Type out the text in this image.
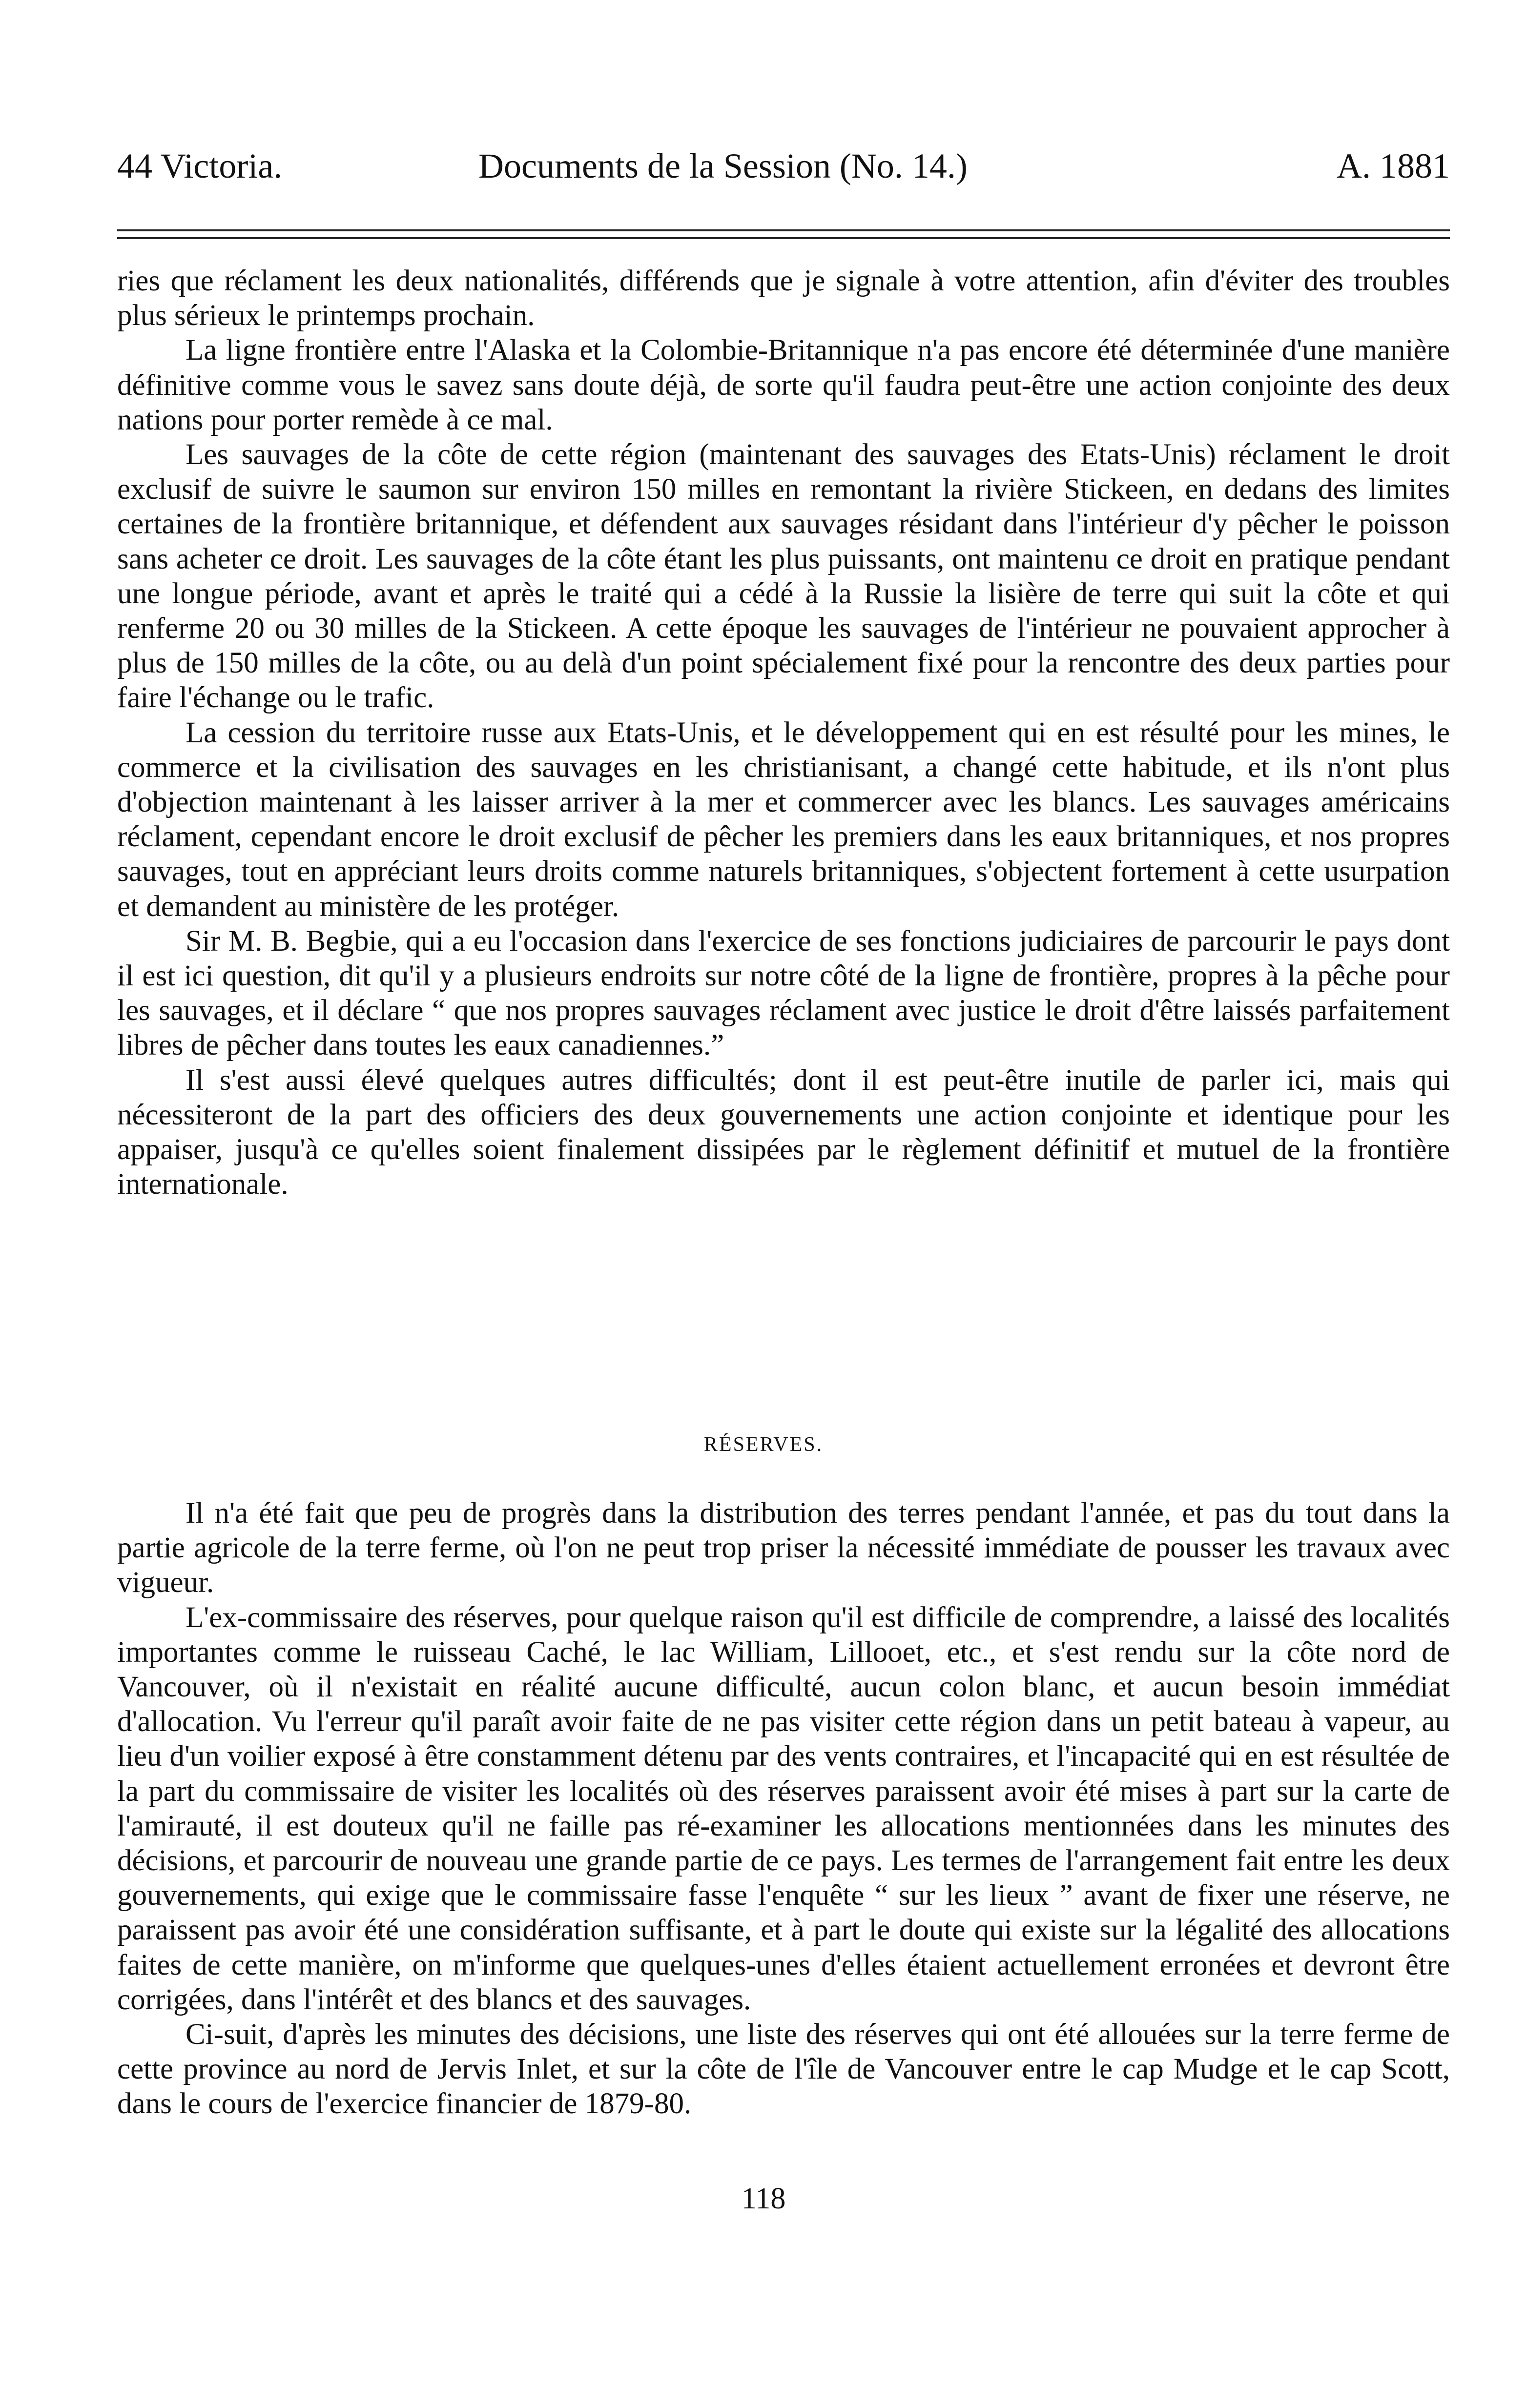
44 Victoria.	Documents de la Session (No. 14.)	A. 1881

ries que réclament les deux nationalités, différends que je signale à votre attention, afin d'éviter des troubles plus sérieux le printemps prochain.

La ligne frontière entre l'Alaska et la Colombie-Britannique n'a pas encore été déterminée d'une manière définitive comme vous le savez sans doute déjà, de sorte qu'il faudra peut-être une action conjointe des deux nations pour porter remède à ce mal.

Les sauvages de la côte de cette région (maintenant des sauvages des Etats-Unis) réclament le droit exclusif de suivre le saumon sur environ 150 milles en remontant la rivière Stickeen, en dedans des limites certaines de la frontière britannique, et défendent aux sauvages résidant dans l'intérieur d'y pêcher le poisson sans acheter ce droit. Les sauvages de la côte étant les plus puissants, ont maintenu ce droit en pratique pendant une longue période, avant et après le traité qui a cédé à la Russie la lisière de terre qui suit la côte et qui renferme 20 ou 30 milles de la Stickeen. A cette époque les sauvages de l'intérieur ne pouvaient approcher à plus de 150 milles de la côte, ou au delà d'un point spécialement fixé pour la rencontre des deux parties pour faire l'échange ou le trafic.

La cession du territoire russe aux Etats-Unis, et le développement qui en est résulté pour les mines, le commerce et la civilisation des sauvages en les christianisant, a changé cette habitude, et ils n'ont plus d'objection maintenant à les laisser arriver à la mer et commercer avec les blancs. Les sauvages américains réclament, cependant encore le droit exclusif de pêcher les premiers dans les eaux britanniques, et nos propres sauvages, tout en appréciant leurs droits comme naturels britanniques, s'objectent fortement à cette usurpation et demandent au ministère de les protéger.

Sir M. B. Begbie, qui a eu l'occasion dans l'exercice de ses fonctions judiciaires de parcourir le pays dont il est ici question, dit qu'il y a plusieurs endroits sur notre côté de la ligne de frontière, propres à la pêche pour les sauvages, et il déclare “ que nos propres sauvages réclament avec justice le droit d'être laissés parfaitement libres de pêcher dans toutes les eaux canadiennes.”

Il s'est aussi élevé quelques autres difficultés; dont il est peut-être inutile de parler ici, mais qui nécessiteront de la part des officiers des deux gouvernements une action conjointe et identique pour les appaiser, jusqu'à ce qu'elles soient finalement dissipées par le règlement définitif et mutuel de la frontière internationale.

RÉSERVES.

Il n'a été fait que peu de progrès dans la distribution des terres pendant l'année, et pas du tout dans la partie agricole de la terre ferme, où l'on ne peut trop priser la nécessité immédiate de pousser les travaux avec vigueur.

L'ex-commissaire des réserves, pour quelque raison qu'il est difficile de comprendre, a laissé des localités importantes comme le ruisseau Caché, le lac William, Lillooet, etc., et s'est rendu sur la côte nord de Vancouver, où il n'existait en réalité aucune difficulté, aucun colon blanc, et aucun besoin immédiat d'allocation. Vu l'erreur qu'il paraît avoir faite de ne pas visiter cette région dans un petit bateau à vapeur, au lieu d'un voilier exposé à être constamment détenu par des vents contraires, et l'incapacité qui en est résultée de la part du commissaire de visiter les localités où des réserves paraissent avoir été mises à part sur la carte de l'amirauté, il est douteux qu'il ne faille pas ré-examiner les allocations mentionnées dans les minutes des décisions, et parcourir de nouveau une grande partie de ce pays. Les termes de l'arrangement fait entre les deux gouvernements, qui exige que le commissaire fasse l'enquête “ sur les lieux ” avant de fixer une réserve, ne paraissent pas avoir été une considération suffisante, et à part le doute qui existe sur la légalité des allocations faites de cette manière, on m'informe que quelques-unes d'elles étaient actuellement erronées et devront être corrigées, dans l'intérêt et des blancs et des sauvages.

Ci-suit, d'après les minutes des décisions, une liste des réserves qui ont été allouées sur la terre ferme de cette province au nord de Jervis Inlet, et sur la côte de l'île de Vancouver entre le cap Mudge et le cap Scott, dans le cours de l'exercice financier de 1879-80.

118
